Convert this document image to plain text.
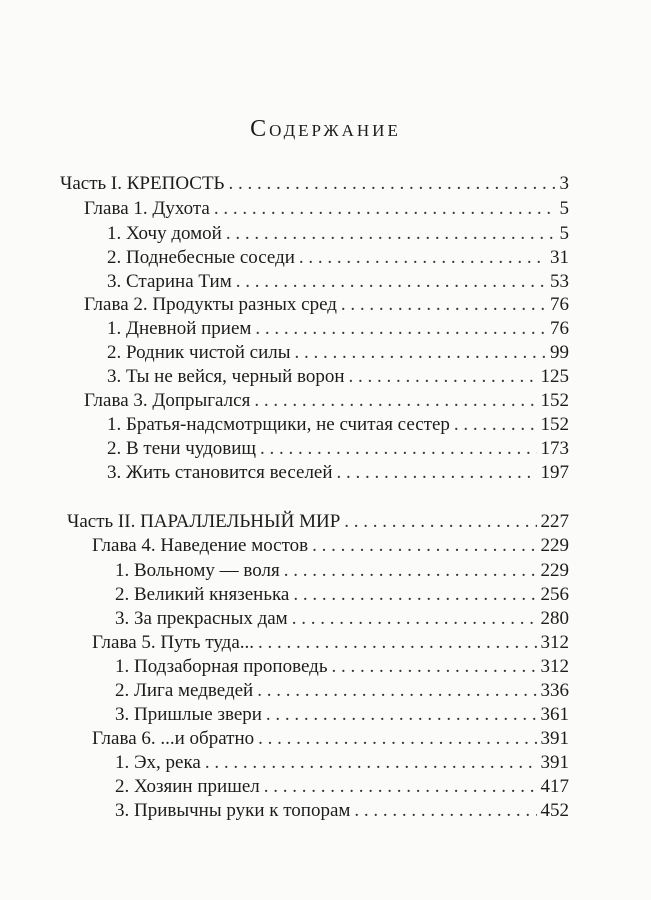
Содержание
Часть I. КРЕПОСТЬ . . .	3
Глава 1. Духота . . .	5
1. Хочу домой . . .	5
2. Поднебесные соседи . . .	31
3. Старина Тим . . .	53
Глава 2. Продукты разных сред . . .	76
1. Дневной прием . . .	76
2. Родник чистой силы . . .	99
3. Ты не вейся, черный ворон . . .	125
Глава 3. Допрыгался . . .	152
1. Братья-надсмотрщики, не считая сестер . . .	152
2. В тени чудовищ . . .	173
3. Жить становится веселей . . .	197
Часть II. ПАРАЛЛЕЛЬНЫЙ МИР . . .	227
Глава 4. Наведение мостов . . .	229
1. Вольному — воля . . .	229
2. Великий князенька . . .	256
3. За прекрасных дам . . .	280
Глава 5. Путь туда... . . .	312
1. Подзаборная проповедь . . .	312
2. Лига медведей . . .	336
3. Пришлые звери . . .	361
Глава 6. ...и обратно . . .	391
1. Эх, река . . .	391
2. Хозяин пришел . . .	417
3. Привычны руки к топорам . . .	452
